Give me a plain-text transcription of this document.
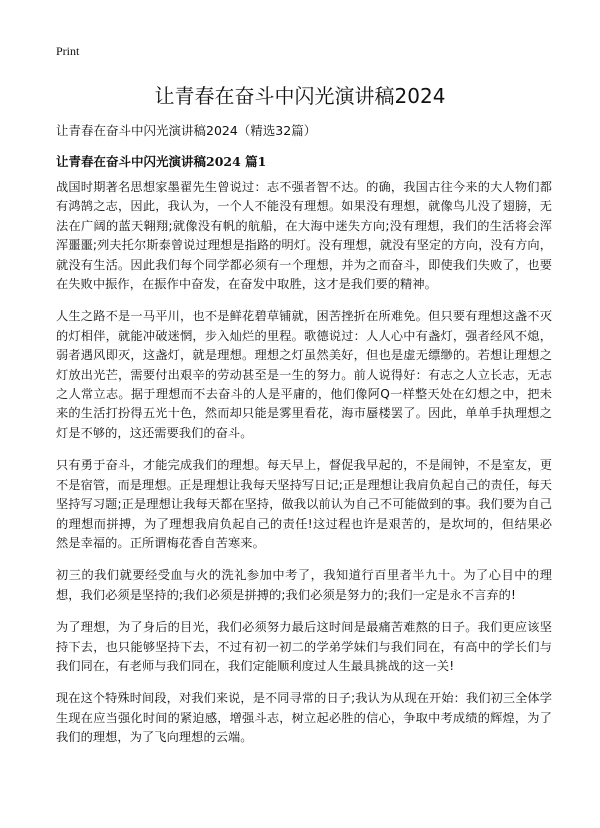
Print
让青春在奋斗中闪光演讲稿2024
让青春在奋斗中闪光演讲稿2024（精选32篇）
让青春在奋斗中闪光演讲稿2024 篇1

战国时期著名思想家墨翟先生曾说过：志不强者智不达。的确，我国古往今来的大人物们都有鸿鹄之志，因此，我认为，一个人不能没有理想。如果没有理想，就像鸟儿没了翅膀，无法在广阔的蓝天翱翔;就像没有帆的航船，在大海中迷失方向;没有理想，我们的生活将会浑浑噩噩;列夫托尔斯泰曾说过理想是指路的明灯。没有理想，就没有坚定的方向，没有方向，就没有生活。因此我们每个同学都必须有一个理想，并为之而奋斗，即使我们失败了，也要在失败中振作，在振作中奋发，在奋发中取胜，这才是我们要的精神。

人生之路不是一马平川，也不是鲜花碧草铺就，困苦挫折在所难免。但只要有理想这盏不灭的灯相伴，就能冲破迷惘，步入灿烂的里程。歌德说过：人人心中有盏灯，强者经风不熄，弱者遇风即灭，这盏灯，就是理想。理想之灯虽然美好，但也是虚无缥缈的。若想让理想之灯放出光芒，需要付出艰辛的劳动甚至是一生的努力。前人说得好：有志之人立长志，无志之人常立志。据于理想而不去奋斗的人是平庸的，他们像阿Q一样整天处在幻想之中，把未来的生活打扮得五光十色，然而却只能是雾里看花，海市蜃楼罢了。因此，单单手执理想之灯是不够的，这还需要我们的奋斗。

只有勇于奋斗，才能完成我们的理想。每天早上，督促我早起的，不是闹钟，不是室友，更不是宿管，而是理想。正是理想让我每天坚持写日记;正是理想让我肩负起自己的责任，每天坚持写习题;正是理想让我每天都在坚持，做我以前认为自己不可能做到的事。我们要为自己的理想而拼搏，为了理想我肩负起自己的责任!这过程也许是艰苦的，是坎坷的，但结果必然是幸福的。正所谓梅花香自苦寒来。

初三的我们就要经受血与火的洗礼参加中考了，我知道行百里者半九十。为了心目中的理想，我们必须是坚持的;我们必须是拼搏的;我们必须是努力的;我们一定是永不言弃的!

为了理想，为了身后的目光，我们必须努力最后这时间是最痛苦难熬的日子。我们更应该坚持下去，也只能够坚持下去，不过有初一初二的学弟学妹们与我们同在，有高中的学长们与我们同在，有老师与我们同在，我们定能顺利度过人生最具挑战的这一关!

现在这个特殊时间段，对我们来说，是不同寻常的日子;我认为从现在开始：我们初三全体学生现在应当强化时间的紧迫感，增强斗志，树立起必胜的信心，争取中考成绩的辉煌，为了我们的理想，为了飞向理想的云端。
